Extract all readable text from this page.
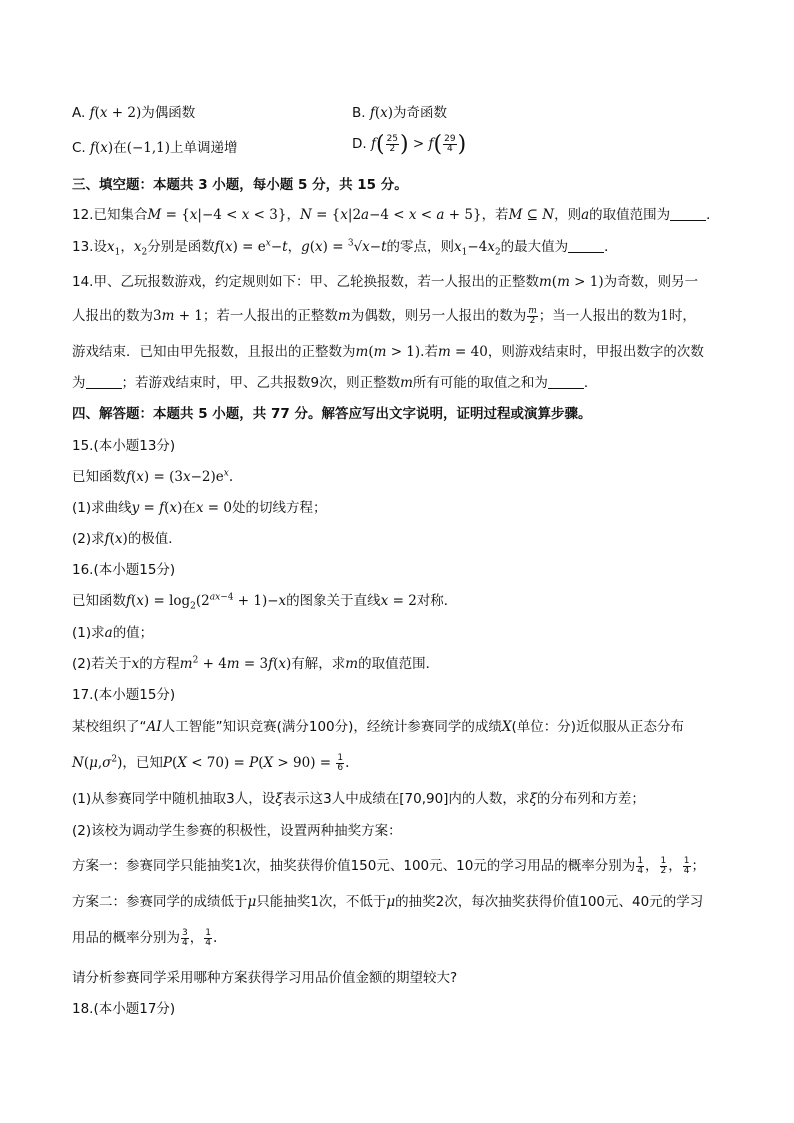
A. f(x + 2)为偶函数	B. f(x)为奇函数
C. f(x)在(−1,1)上单调递增	D. $f( \frac{25}{2}$ ) > $f( \frac{29}{4}$ )
三、填空题：本题共 3 小题，每小题 5 分，共 15 分。
12.已知集合M = {x|−4 < x < 3}，N = {x|2a−4 < x < a + 5}，若M ⊆ N，则a的取值范围为	．
13.设$x_1$，$x_2$分别是函数$f(x) = e^x-t$，g(x) = $^3$√x−t的零点，则$x_1-4x_2$的最大值为	．
14.甲、乙玩报数游戏，约定规则如下：甲、乙轮换报数，若一人报出的正整数m(m > 1)为奇数，则另一
人报出的数为3m + 1；若一人报出的正整数m为偶数，则另一人报出的数为 $\frac{m}{2}$ ；当一人报出的数为1时，
游戏结束．已知由甲先报数，且报出的正整数为m(m > 1).若m = 40，则游戏结束时，甲报出数字的次数
为	；若游戏结束时，甲、乙共报数9次，则正整数m所有可能的取值之和为	．
四、解答题：本题共 5 小题，共 77 分。解答应写出文字说明，证明过程或演算步骤。
15.(本小题13分)
已知函数$f(x) = (3x-2)e^x$.
(1)求曲线y = f(x)在x = 0处的切线方程；
(2)求f(x)的极值．
16.(本小题15分)
已知函数$f(x) = \log_2(2^{ax-4} + 1)-x$的图象关于直线x = 2对称．
(1)求a的值；
(2)若关于x的方程$m^2 + 4m = 3f(x)$有解，求m的取值范围．
17.(本小题15分)
某校组织了“AI人工智能”知识竞赛(满分100分)，经统计参赛同学的成绩X(单位：分)近似服从正态分布
$N(\mu,\sigma^2)$，已知$P(X < 70) = P(X > 90) = \frac{1}{6}$ .
(1)从参赛同学中随机抽取3人，设ξ表示这3人中成绩在[70,90]内的人数，求ξ的分布列和方差；
(2)该校为调动学生参赛的积极性，设置两种抽奖方案：
方案一：参赛同学只能抽奖1次，抽奖获得价值150元、100元、10元的学习用品的概率分别为 $\frac{1}{4}$ ， $\frac{1}{2}$ ， $\frac{1}{4}$ ；
方案二：参赛同学的成绩低于μ只能抽奖1次，不低于μ的抽奖2次，每次抽奖获得价值100元、40元的学习
用品的概率分别为 $\frac{3}{4}$ ， $\frac{1}{4}$ .
请分析参赛同学采用哪种方案获得学习用品价值金额的期望较大?
18.(本小题17分)
